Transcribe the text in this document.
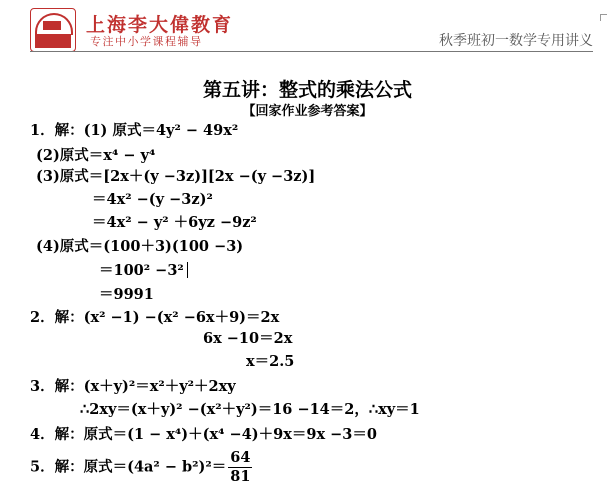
上海李大偉教育
专注中小学课程辅导	秋季班初一数学专用讲义
第五讲：整式的乘法公式
【回家作业参考答案】
1．解：(1) 原式＝4y² − 49x²
(2)原式＝x⁴ − y⁴
(3)原式＝[2x＋(y −3z)][2x −(y −3z)]
＝4x² −(y −3z)²
＝4x² − y² ＋6yz −9z²
(4)原式＝(100＋3)(100 −3)
＝100² −3²
＝9991
2．解：(x² −1) −(x² −6x＋9)＝2x
6x −10＝2x
x＝2.5
3．解：(x＋y)²＝x²＋y²＋2xy
∴2xy＝(x＋y)² −(x²＋y²)＝16 −14＝2，∴xy＝1
4．解：原式＝(1 − x⁴)＋(x⁴ −4)＋9x＝9x −3＝0
5．解：原式$=(4a^2 - b^2)^2= \frac{64}{81}$
